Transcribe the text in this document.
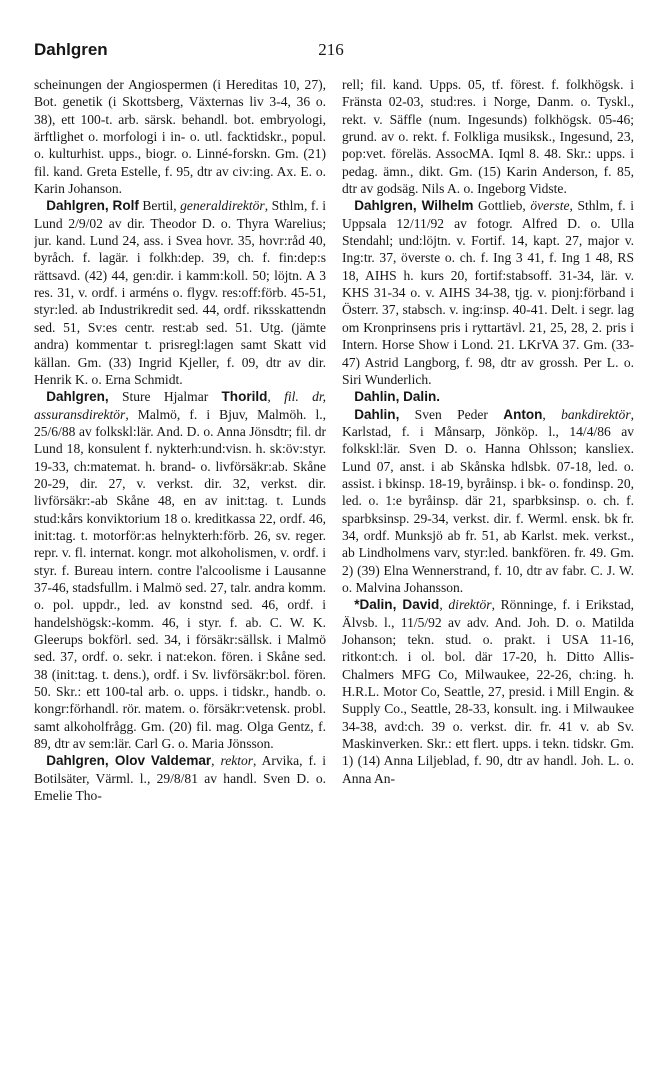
Dahlgren	216

scheinungen der Angiospermen (i Hereditas 10, 27), Bot. genetik (i Skottsberg, Växternas liv 3-4, 36 o. 38), ett 100-t. arb. särsk. behandl. bot. embryologi, ärftlighet o. morfologi i in- o. utl. facktidskr., popul. o. kulturhist. upps., biogr. o. Linné-forskn. Gm. (21) fil. kand. Greta Estelle, f. 95, dtr av civ:ing. Ax. E. o. Karin Johanson.

Dahlgren, Rolf Bertil, generaldirektör, Sthlm, f. i Lund 2/9/02 av dir. Theodor D. o. Thyra Warelius; jur. kand. Lund 24, ass. i Svea hovr. 35, hovr:råd 40, byråch. f. lagär. i folkh:dep. 39, ch. f. fin:dep:s rättsavd. (42) 44, gen:dir. i kamm:koll. 50; löjtn. A 3 res. 31, v. ordf. i arméns o. flygv. res:off:förb. 45-51, styr:led. ab Industrikredit sed. 44, ordf. riksskattendn sed. 51, Sv:es centr. rest:ab sed. 51. Utg. (jämte andra) kommentar t. prisregl:lagen samt Skatt vid källan. Gm. (33) Ingrid Kjeller, f. 09, dtr av dir. Henrik K. o. Erna Schmidt.

Dahlgren, Sture Hjalmar Thorild, fil. dr, assuransdirektör, Malmö, f. i Bjuv, Malmöh. l., 25/6/88 av folkskl:lär. And. D. o. Anna Jönsdtr; fil. dr Lund 18, konsulent f. nykterh:und:visn. h. sk:öv:styr. 19-33, ch:matemat. h. brand- o. livförsäkr:ab. Skåne 20-29, dir. 27, v. verkst. dir. 32, verkst. dir. livförsäkr:-ab Skåne 48, en av init:tag. t. Lunds stud:kårs konviktorium 18 o. kreditkassa 22, ordf. 46, init:tag. t. motorför:as helnykterh:förb. 26, sv. reger. repr. v. fl. internat. kongr. mot alkoholismen, v. ordf. i styr. f. Bureau intern. contre l'alcoolisme i Lausanne 37-46, stadsfullm. i Malmö sed. 27, talr. andra komm. o. pol. uppdr., led. av konstnd sed. 46, ordf. i handelshögsk:-komm. 46, i styr. f. ab. C. W. K. Gleerups bokförl. sed. 34, i försäkr:sällsk. i Malmö sed. 37, ordf. o. sekr. i nat:ekon. fören. i Skåne sed. 38 (init:tag. t. dens.), ordf. i Sv. livförsäkr:bol. fören. 50. Skr.: ett 100-tal arb. o. upps. i tidskr., handb. o. kongr:förhandl. rör. matem. o. försäkr:vetensk. probl. samt alkoholfrågg. Gm. (20) fil. mag. Olga Gentz, f. 89, dtr av sem:lär. Carl G. o. Maria Jönsson.

Dahlgren, Olov Valdemar, rektor, Arvika, f. i Botilsäter, Värml. l., 29/8/81 av handl. Sven D. o. Emelie Tho-

rell; fil. kand. Upps. 05, tf. förest. f. folkhögsk. i Fränsta 02-03, stud:res. i Norge, Danm. o. Tyskl., rekt. v. Säffle (num. Ingesunds) folkhögsk. 05-46; grund. av o. rekt. f. Folkliga musiksk., Ingesund, 23, pop:vet. föreläs. AssocMA. Iqml 8. 48. Skr.: upps. i pedag. ämn., dikt. Gm. (15) Karin Anderson, f. 85, dtr av godsäg. Nils A. o. Ingeborg Vidste.

Dahlgren, Wilhelm Gottlieb, överste, Sthlm, f. i Uppsala 12/11/92 av fotogr. Alfred D. o. Ulla Stendahl; und:löjtn. v. Fortif. 14, kapt. 27, major v. Ing:tr. 37, överste o. ch. f. Ing 3 41, f. Ing 1 48, RS 18, AIHS h. kurs 20, fortif:stabsoff. 31-34, lär. v. KHS 31-34 o. v. AIHS 34-38, tjg. v. pionj:förband i Österr. 37, stabsch. v. ing:insp. 40-41. Delt. i segr. lag om Kronprinsens pris i ryttartävl. 21, 25, 28, 2. pris i Intern. Horse Show i Lond. 21. LKrVA 37. Gm. (33-47) Astrid Langborg, f. 98, dtr av grossh. Per L. o. Siri Wunderlich.

Dahlin, Dalin.

Dahlin, Sven Peder Anton, bankdirektör, Karlstad, f. i Månsarp, Jönköp. l., 14/4/86 av folkskl:lär. Sven D. o. Hanna Ohlsson; kansliex. Lund 07, anst. i ab Skånska hdlsbk. 07-18, led. o. assist. i bkinsp. 18-19, byråinsp. i bk- o. fondinsp. 20, led. o. 1:e byråinsp. där 21, sparbksinsp. o. ch. f. sparbksinsp. 29-34, verkst. dir. f. Werml. ensk. bk fr. 34, ordf. Munksjö ab fr. 51, ab Karlst. mek. verkst., ab Lindholmens varv, styr:led. bankfören. fr. 49. Gm. 2) (39) Elna Wennerstrand, f. 10, dtr av fabr. C. J. W. o. Malvina Johansson.

*Dalin, David, direktör, Rönninge, f. i Erikstad, Älvsb. l., 11/5/92 av adv. And. Joh. D. o. Matilda Johanson; tekn. stud. o. prakt. i USA 11-16, ritkont:ch. i ol. bol. där 17-20, h. Ditto Allis-Chalmers MFG Co, Milwaukee, 22-26, ch:ing. h. H.R.L. Motor Co, Seattle, 27, presid. i Mill Engin. & Supply Co., Seattle, 28-33, konsult. ing. i Milwaukee 34-38, avd:ch. 39 o. verkst. dir. fr. 41 v. ab Sv. Maskinverken. Skr.: ett flert. upps. i tekn. tidskr. Gm. 1) (14) Anna Liljeblad, f. 90, dtr av handl. Joh. L. o. Anna An-
